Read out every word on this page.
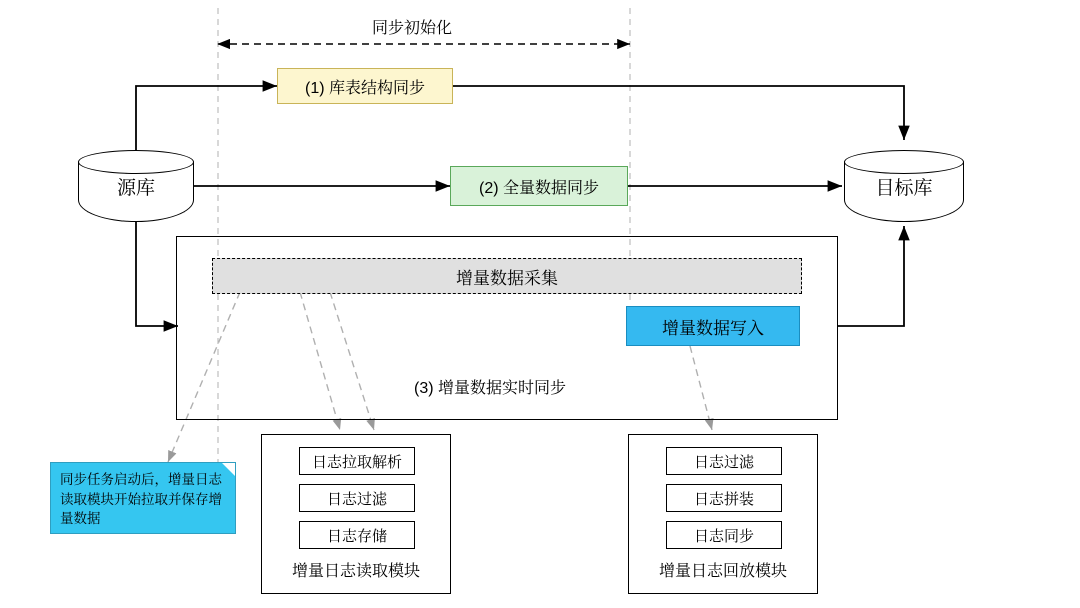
同步初始化
源库	目标库
(1) 库表结构同步
(2) 全量数据同步
增量数据采集
增量数据写入
(3) 增量数据实时同步
同步任务启动后，增量日志读取模块开始拉取并保存增量数据
日志拉取解析
日志过滤
日志存储
增量日志读取模块
日志过滤
日志拼装
日志同步
增量日志回放模块
